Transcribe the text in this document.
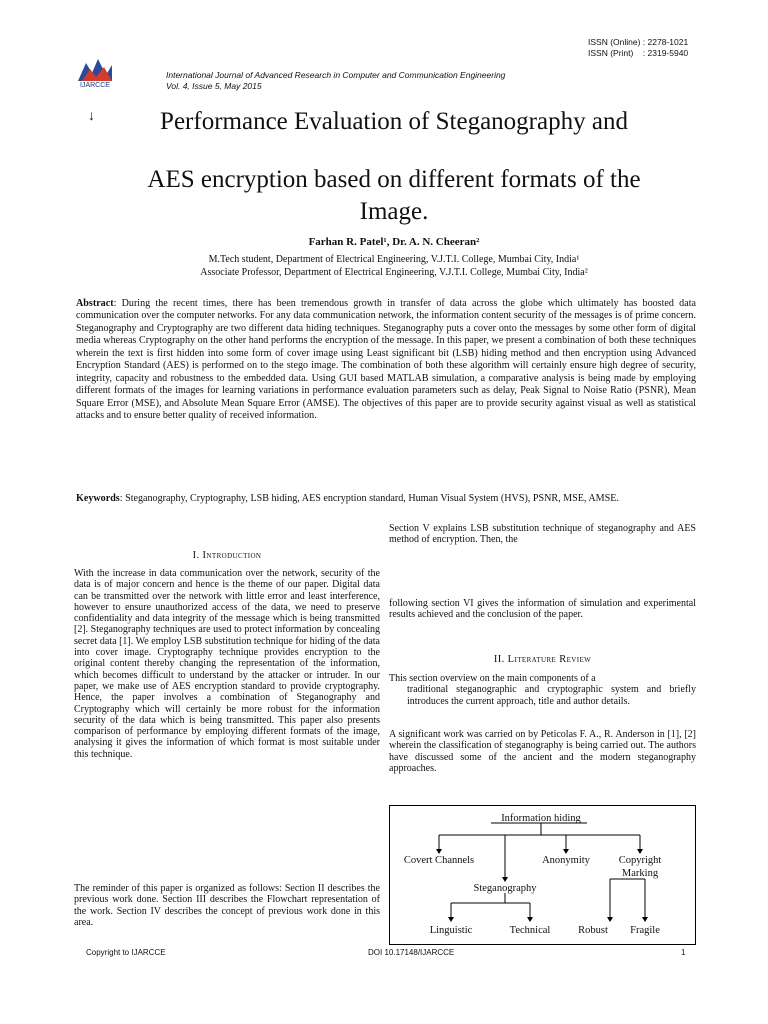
ISSN (Online) : 2278-1021
ISSN (Print)    : 2319-5940
IJARCCE
International Journal of Advanced Research in Computer and Communication Engineering
Vol. 4, Issue 5, May 2015
↓	Performance Evaluation of Steganography and
AES encryption based on different formats of the
Image.
Farhan R. Patel¹, Dr. A. N. Cheeran²
M.Tech student, Department of Electrical Engineering, V.J.T.I. College, Mumbai City, India¹
Associate Professor, Department of Electrical Engineering, V.J.T.I. College, Mumbai City, India²
Abstract: During the recent times, there has been tremendous growth in transfer of data across the globe which ultimately has boosted data communication over the computer networks. For any data communication network, the information content security of the messages is of prime concern. Steganography and Cryptography are two different data hiding techniques. Steganography puts a cover onto the messages by some other form of digital media whereas Cryptography on the other hand performs the encryption of the message. In this paper, we present a combination of both these techniques wherein the text is first hidden into some form of cover image using Least significant bit (LSB) hiding method and then encryption using Advanced Encryption Standard (AES) is performed on to the stego image. The combination of both these algorithm will certainly ensure high degree of security, integrity, capacity and robustness to the embedded data. Using GUI based MATLAB simulation, a comparative analysis is being made by employing different formats of the images for learning variations in performance evaluation parameters such as delay, Peak Signal to Noise Ratio (PSNR), Mean Square Error (MSE), and Absolute Mean Square Error (AMSE). The objectives of this paper are to provide security against visual as well as statistical attacks and to ensure better quality of received information.
Keywords: Steganography, Cryptography, LSB hiding, AES encryption standard, Human Visual System (HVS), PSNR, MSE, AMSE.
I. Introduction
With the increase in data communication over the network, security of the data is of major concern and hence is the theme of our paper. Digital data can be transmitted over the network with little error and least interference, however to ensure unauthorized access of the data, we need to preserve confidentiality and data integrity of the message which is being transmitted [2]. Steganography techniques are used to protect information by concealing secret data [1]. We employ LSB substitution technique for hiding of the data into cover image. Cryptography technique provides encryption to the original content thereby changing the representation of the information, which becomes difficult to understand by the attacker or intruder. In our paper, we make use of AES encryption standard to provide cryptography. Hence, the paper involves a combination of Steganography and Cryptography which will certainly be more robust for the information security of the data which is being transmitted. This paper also presents comparison of performance by employing different formats of the image, analysing it gives the information of which format is most suitable under this technique.
The reminder of this paper is organized as follows: Section II describes the previous work done. Section III describes the Flowchart representation of the work. Section IV describes the concept of previous work done in this area.
Section V explains LSB substitution technique of steganography and AES method of encryption. Then, the
following section VI gives the information of simulation and experimental results achieved and the conclusion of the paper.
II. Literature Review
This section overview on the main components of a
traditional steganographic and cryptographic system and briefly introduces the current approach, title and author details.
A significant work was carried on by Peticolas F. A., R. Anderson in [1], [2] wherein the classification of steganography is being carried out. The authors have discussed some of the ancient and the modern steganography approaches.
Information hiding
Covert Channels	Anonymity	Copyright
Marking
Steganography
Linguistic	Technical	Robust Fragile
Copyright to IJARCCE	DOI 10.17148/IJARCCE	1
